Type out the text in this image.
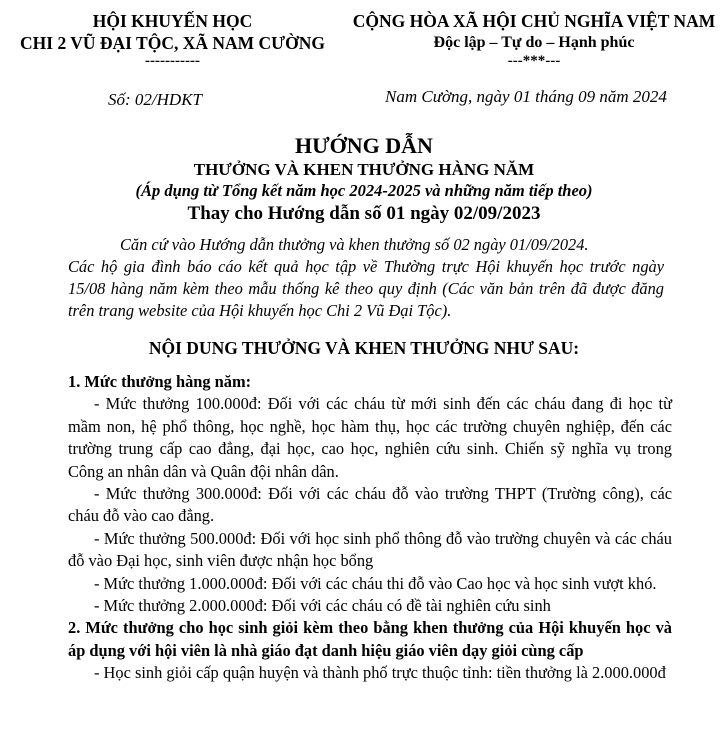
HỘI KHUYẾN HỌC
CHI 2 VŨ ĐẠI TỘC, XÃ NAM CƯỜNG
-----------
CỘNG HÒA XÃ HỘI CHỦ NGHĨA VIỆT NAM
Độc lập – Tự do – Hạnh phúc
---***---
Số: 02/HDKT	Nam Cường, ngày 01 tháng 09 năm 2024
HƯỚNG DẪN
THƯỞNG VÀ KHEN THƯỞNG HÀNG NĂM
(Áp dụng từ Tổng kết năm học 2024-2025 và những năm tiếp theo)
Thay cho Hướng dẫn số 01 ngày 02/09/2023

Căn cứ vào Hướng dẫn thưởng và khen thưởng số 02 ngày 01/09/2024.

Các hộ gia đình báo cáo kết quả học tập về Thường trực Hội khuyến học trước ngày 15/08 hàng năm kèm theo mẫu thống kê theo quy định (Các văn bản trên đã được đăng trên trang website của Hội khuyến học Chi 2 Vũ Đại Tộc).

NỘI DUNG THƯỞNG VÀ KHEN THƯỞNG NHƯ SAU:

1. Mức thưởng hàng năm:

- Mức thưởng 100.000đ: Đối với các cháu từ mới sinh đến các cháu đang đi học từ mầm non, hệ phổ thông, học nghề, học hàm thụ, học các trường chuyên nghiệp, đến các trường trung cấp cao đẳng, đại học, cao học, nghiên cứu sinh. Chiến sỹ nghĩa vụ trong Công an nhân dân và Quân đội nhân dân.

- Mức thưởng 300.000đ: Đối với các cháu đỗ vào trường THPT (Trường công), các cháu đỗ vào cao đẳng.

- Mức thưởng 500.000đ: Đối với học sinh phổ thông đỗ vào trường chuyên và các cháu đỗ vào Đại học, sinh viên được nhận học bổng

- Mức thưởng 1.000.000đ: Đối với các cháu thi đỗ vào Cao học và học sinh vượt khó.

- Mức thưởng 2.000.000đ: Đối với các cháu có đề tài nghiên cứu sinh

2. Mức thưởng cho học sinh giỏi kèm theo bằng khen thưởng của Hội khuyến học và áp dụng với hội viên là nhà giáo đạt danh hiệu giáo viên dạy giỏi cùng cấp

- Học sinh giỏi cấp quận huyện và thành phố trực thuộc tỉnh: tiền thưởng là 2.000.000đ
